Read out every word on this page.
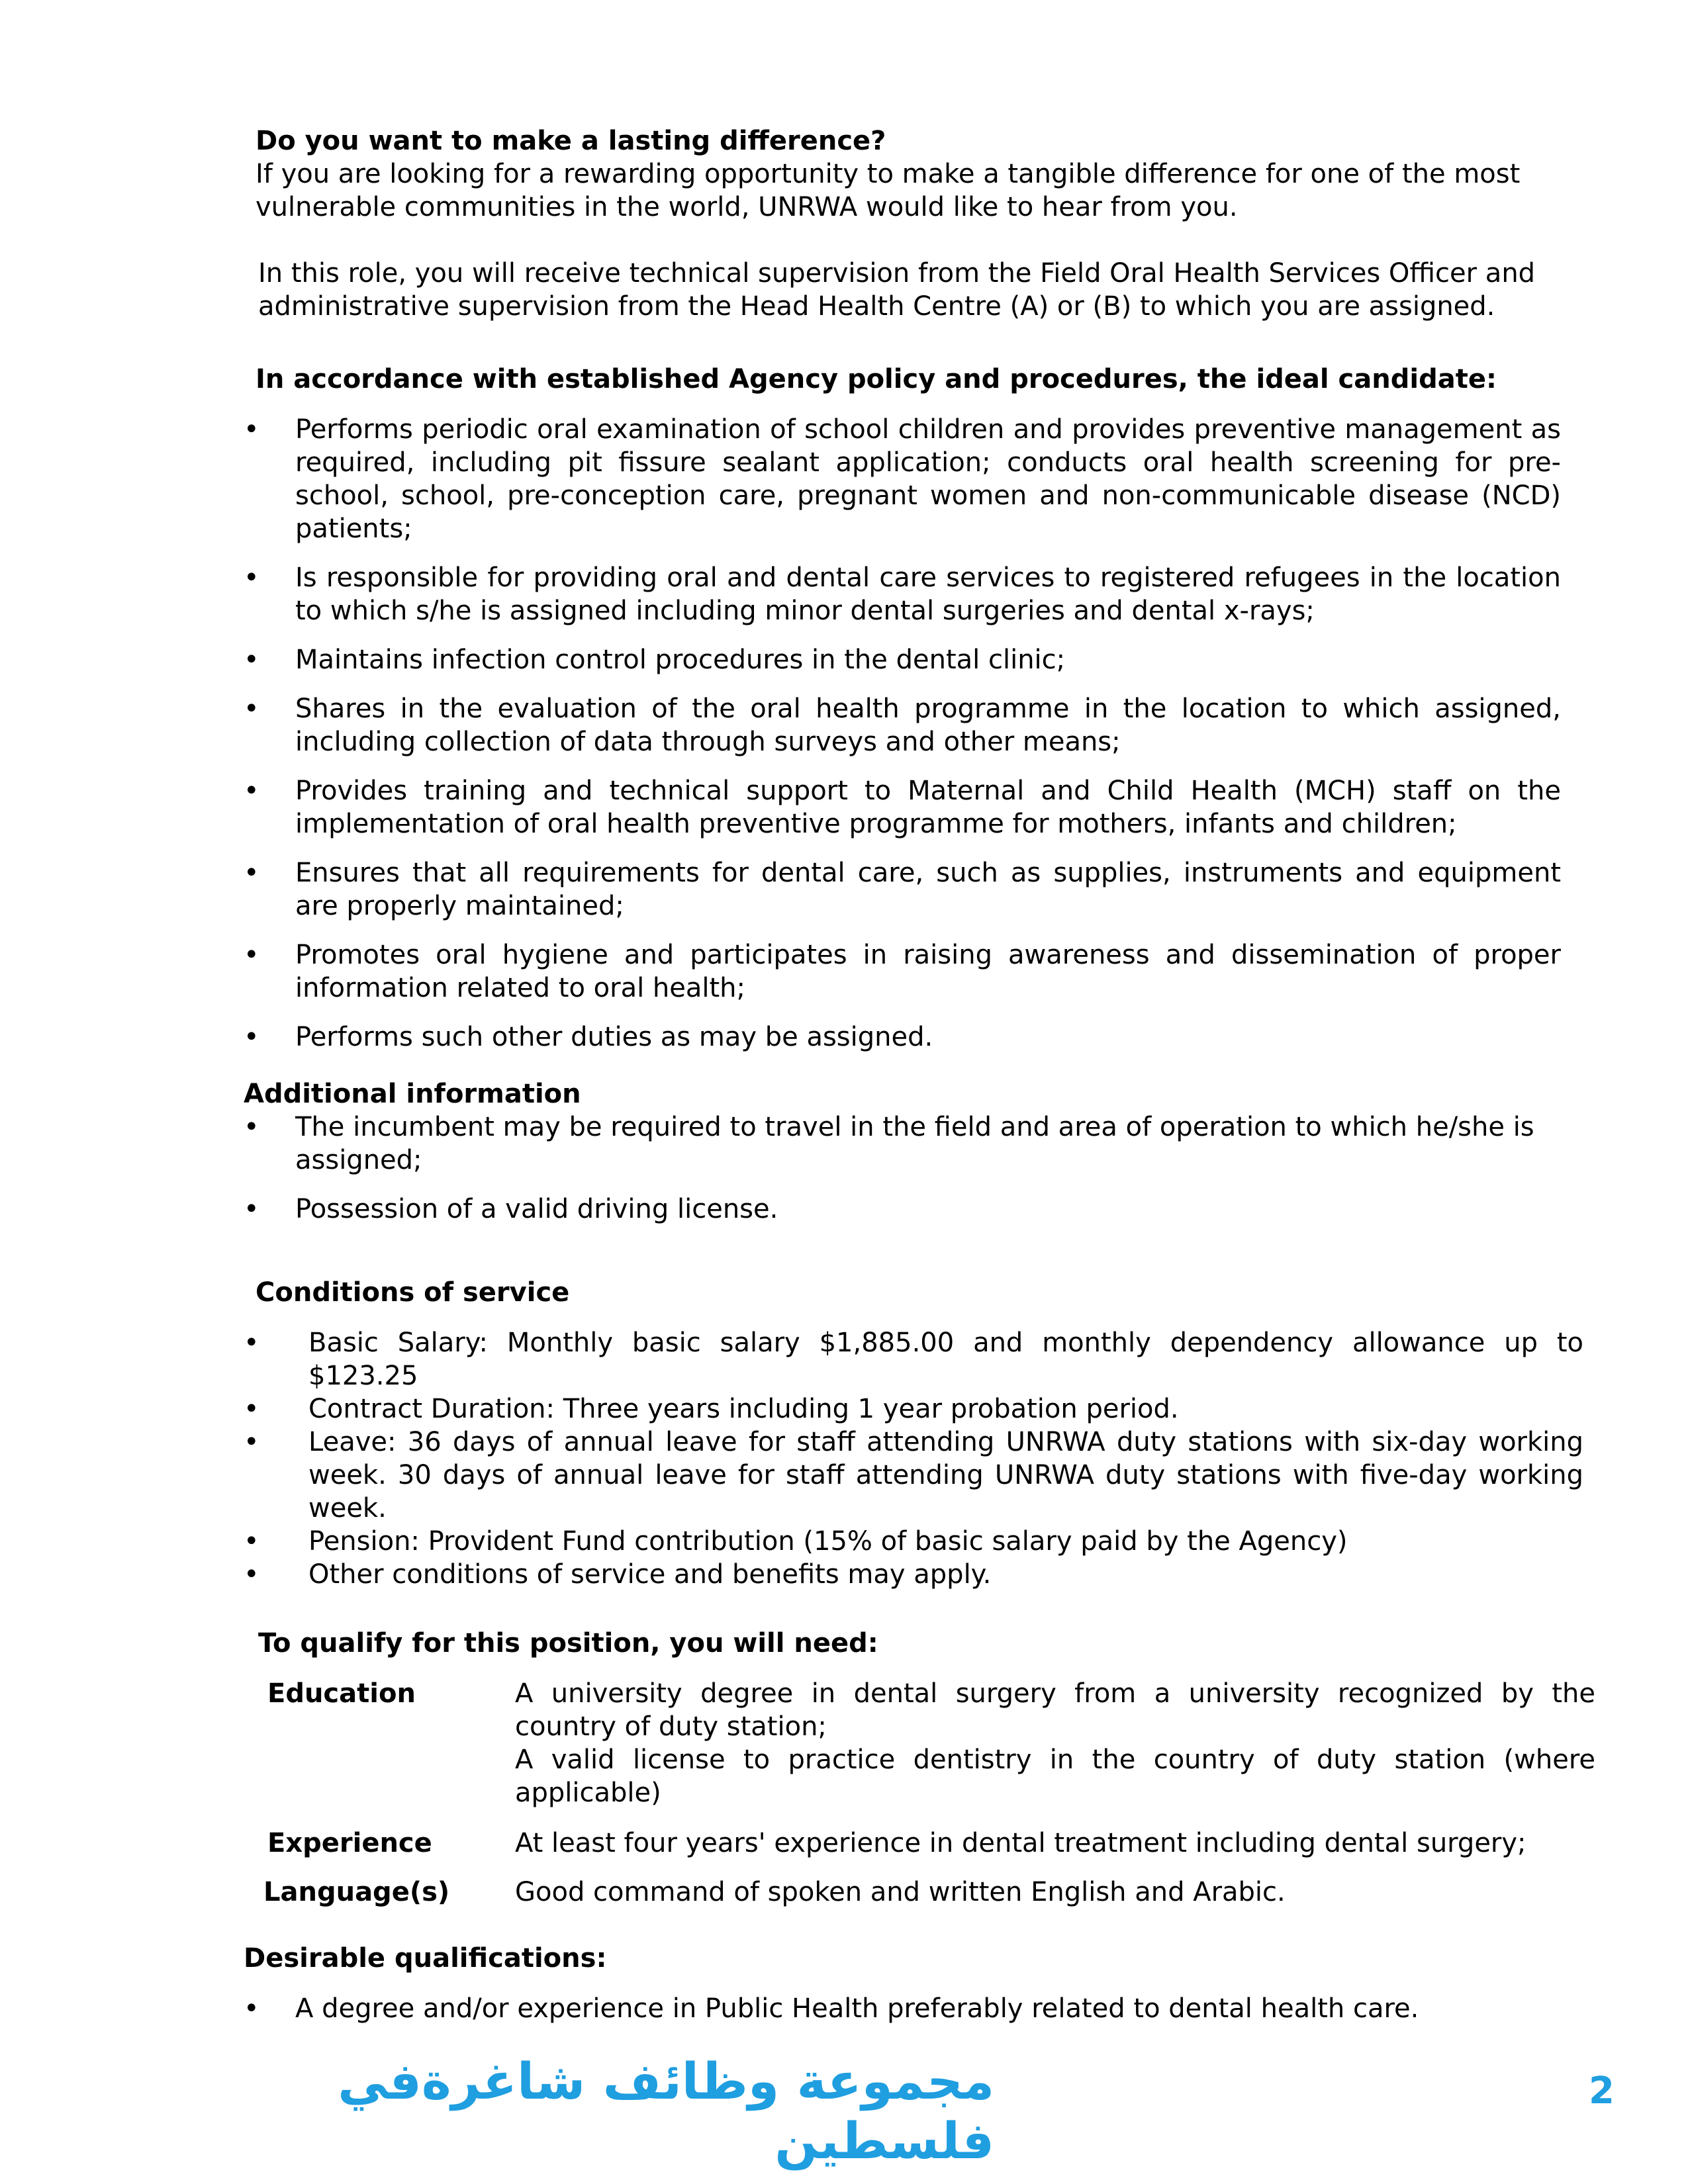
Do you want to make a lasting difference?
If you are looking for a rewarding opportunity to make a tangible difference for one of the most
vulnerable communities in the world, UNRWA would like to hear from you.
In this role, you will receive technical supervision from the Field Oral Health Services Officer and
administrative supervision from the Head Health Centre (A) or (B) to which you are assigned.
In accordance with established Agency policy and procedures, the ideal candidate:
•
Performs periodic oral examination of school children and provides preventive management as required, including pit fissure sealant application; conducts oral health screening for pre-school, school, pre-conception care, pregnant women and non-communicable disease (NCD) patients;
•
Is responsible for providing oral and dental care services to registered refugees in the location to which s/he is assigned including minor dental surgeries and dental x-rays;
•
Maintains infection control procedures in the dental clinic;
•
Shares in the evaluation of the oral health programme in the location to which assigned, including collection of data through surveys and other means;
•
Provides training and technical support to Maternal and Child Health (MCH) staff on the implementation of oral health preventive programme for mothers, infants and children;
•
Ensures that all requirements for dental care, such as supplies, instruments and equipment are properly maintained;
•
Promotes oral hygiene and participates in raising awareness and dissemination of proper information related to oral health;
•
Performs such other duties as may be assigned.
Additional information
•
The incumbent may be required to travel in the field and area of operation to which he/she is assigned;
•
Possession of a valid driving license.
Conditions of service
•
Basic Salary: Monthly basic salary $1,885.00 and monthly dependency allowance up to $123.25
•
Contract Duration: Three years including 1 year probation period.
•
Leave: 36 days of annual leave for staff attending UNRWA duty stations with six-day working week. 30 days of annual leave for staff attending UNRWA duty stations with five-day working week.
•
Pension: Provident Fund contribution (15% of basic salary paid by the Agency)
•
Other conditions of service and benefits may apply.
To qualify for this position, you will need:
Education	A university degree in dental surgery from a university recognized by the country of duty station;
A valid license to practice dentistry in the country of duty station (where applicable)
Experience	At least four years' experience in dental treatment including dental surgery;
Language(s) Good command of spoken and written English and Arabic.
Desirable qualifications:
•
A degree and/or experience in Public Health preferably related to dental health care.
مجموعة وظائف شاغرةفي فلسطين
2
